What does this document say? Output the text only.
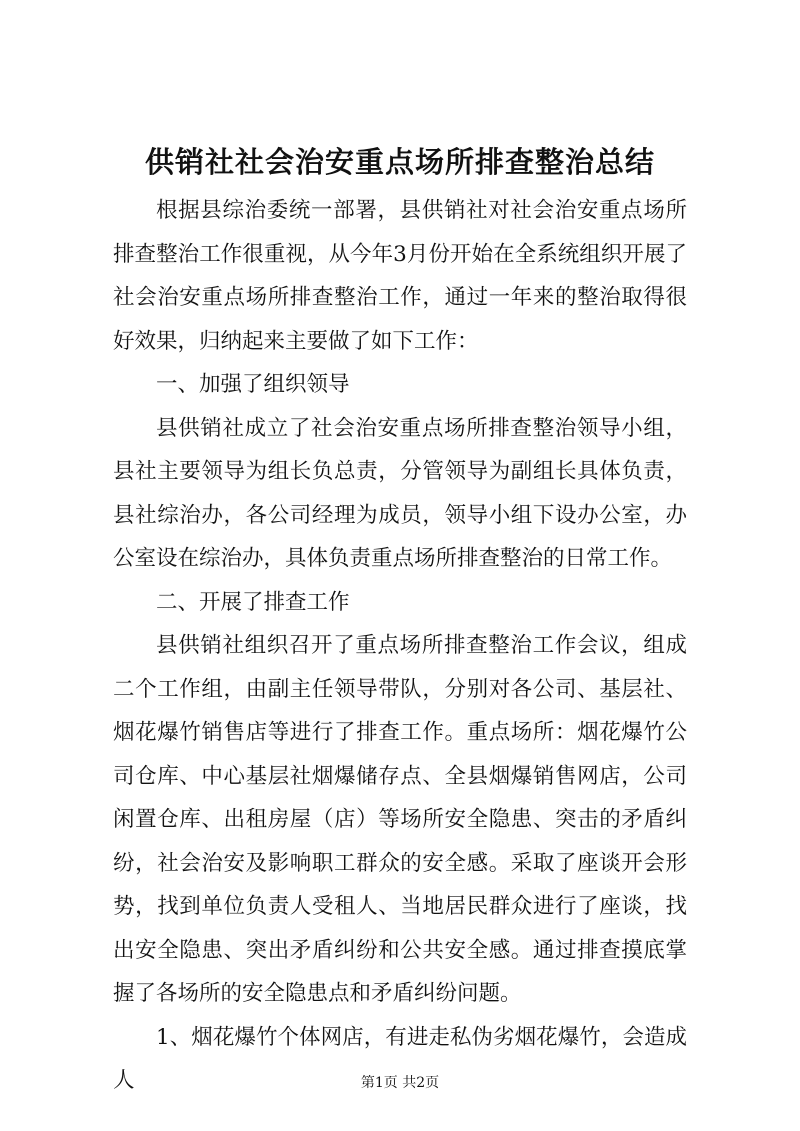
供销社社会治安重点场所排查整治总结

根据县综治委统一部署，县供销社对社会治安重点场所排查整治工作很重视，从今年3月份开始在全系统组织开展了社会治安重点场所排查整治工作，通过一年来的整治取得很好效果，归纳起来主要做了如下工作：

一、加强了组织领导

县供销社成立了社会治安重点场所排查整治领导小组，县社主要领导为组长负总责，分管领导为副组长具体负责，县社综治办，各公司经理为成员，领导小组下设办公室，办公室设在综治办，具体负责重点场所排查整治的日常工作。

二、开展了排查工作

县供销社组织召开了重点场所排查整治工作会议，组成二个工作组，由副主任领导带队，分别对各公司、基层社、烟花爆竹销售店等进行了排查工作。重点场所：烟花爆竹公司仓库、中心基层社烟爆储存点、全县烟爆销售网店，公司闲置仓库、出租房屋（店）等场所安全隐患、突击的矛盾纠纷，社会治安及影响职工群众的安全感。采取了座谈开会形势，找到单位负责人受租人、当地居民群众进行了座谈，找出安全隐患、突出矛盾纠纷和公共安全感。通过排查摸底掌握了各场所的安全隐患点和矛盾纠纷问题。

1、烟花爆竹个体网店，有进走私伪劣烟花爆竹，会造成人	第1页 共2页
